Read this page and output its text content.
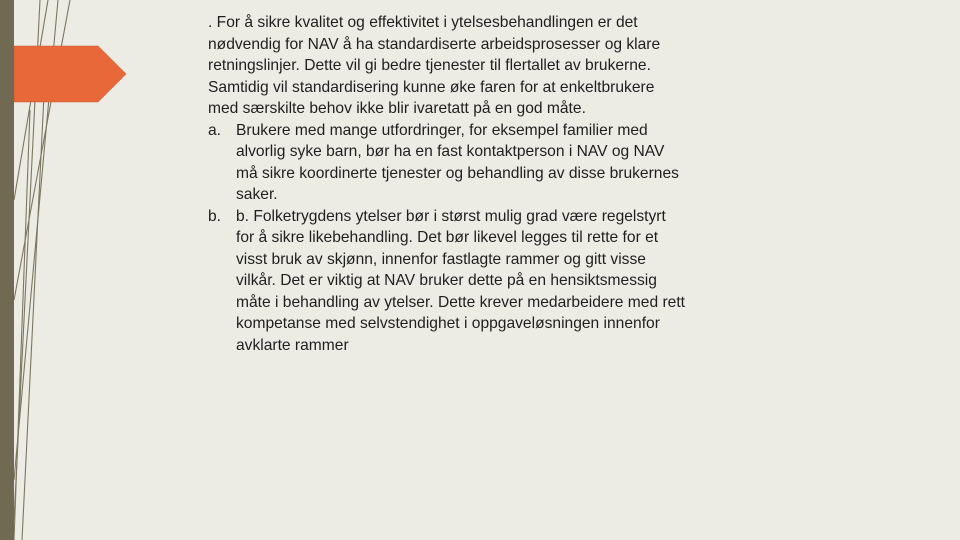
. For å sikre kvalitet og effektivitet i ytelsesbehandlingen er det nødvendig for NAV å ha standardiserte arbeidsprosesser og klare retningslinjer. Dette vil gi bedre tjenester til flertallet av brukerne. Samtidig vil standardisering kunne øke faren for at enkeltbrukere med særskilte behov ikke blir ivaretatt på en god måte.

a. Brukere med mange utfordringer, for eksempel familier med alvorlig syke barn, bør ha en fast kontaktperson i NAV og NAV må sikre koordinerte tjenester og behandling av disse brukernes saker.
b. b. Folketrygdens ytelser bør i størst mulig grad være regelstyrt for å sikre likebehandling. Det bør likevel legges til rette for et visst bruk av skjønn, innenfor fastlagte rammer og gitt visse vilkår. Det er viktig at NAV bruker dette på en hensiktsmessig måte i behandling av ytelser. Dette krever medarbeidere med rett kompetanse med selvstendighet i oppgaveløsningen innenfor avklarte rammer
